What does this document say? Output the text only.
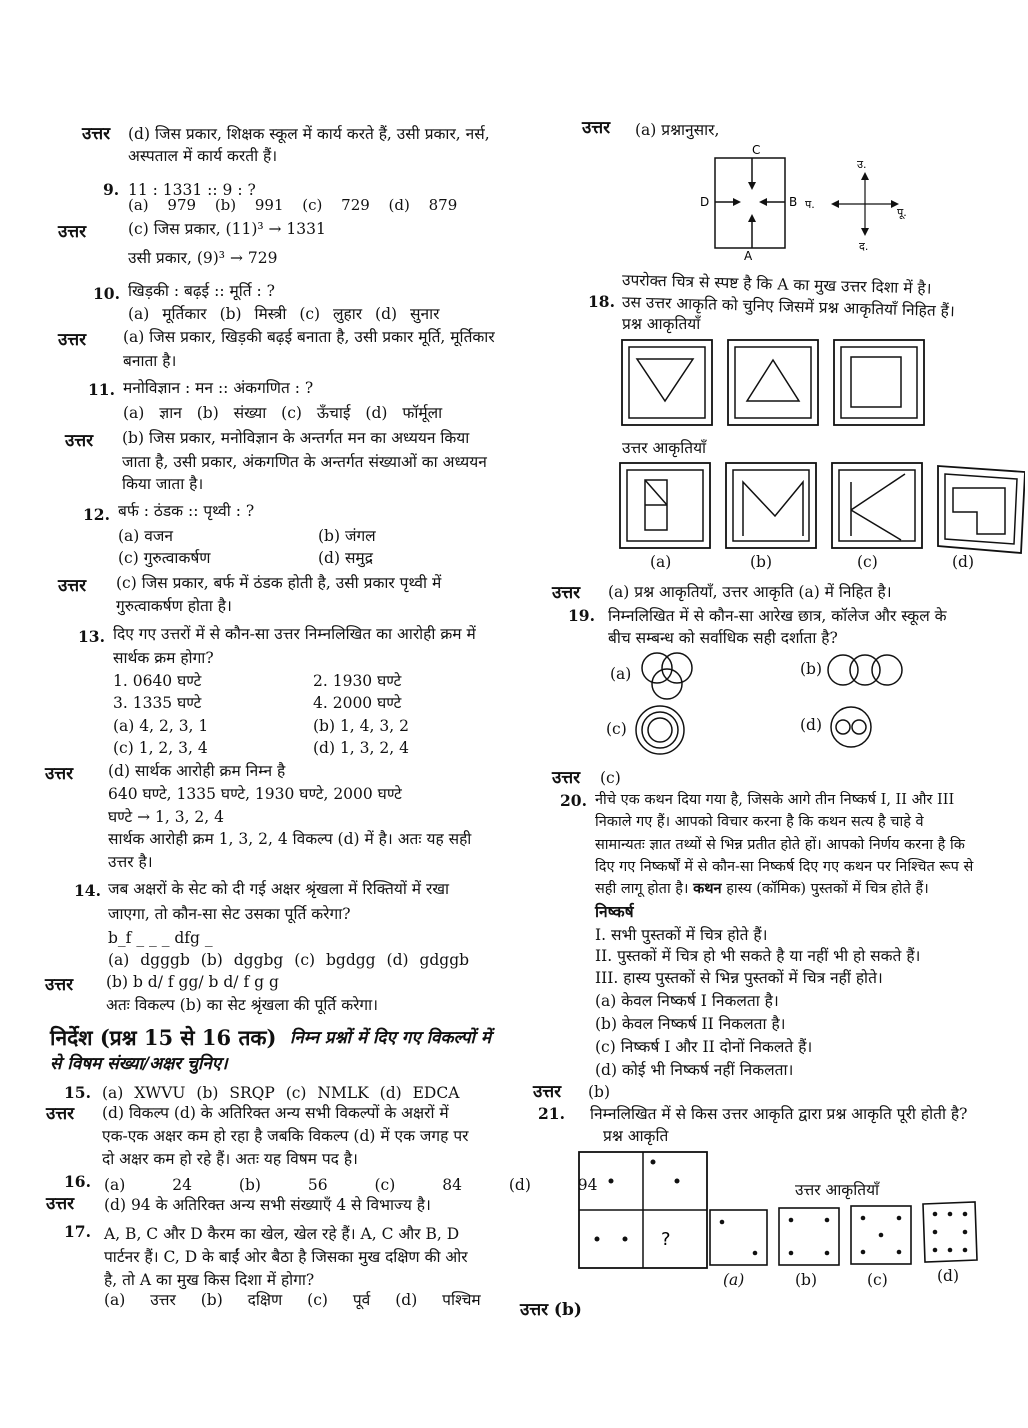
उत्तर (d) जिस प्रकार, शिक्षक स्कूल में कार्य करते हैं, उसी प्रकार, नर्स,
अस्पताल में कार्य करती हैं।
9. 11 : 1331 :: 9 : ?
(a) 979 (b) 991 (c) 729 (d) 879
उत्तर	(c) जिस प्रकार, (11)³ → 1331
उसी प्रकार, (9)³ → 729
10. खिड़की : बढ़ई :: मूर्ति : ?
(a) मूर्तिकार (b) मिस्त्री (c) लुहार (d) सुनार
उत्तर (a) जिस प्रकार, खिड़की बढ़ई बनाता है, उसी प्रकार मूर्ति, मूर्तिकार
बनाता है।
11. मनोविज्ञान : मन :: अंकगणित : ?
(a) ज्ञान (b) संख्या (c) ऊँचाई (d) फॉर्मूला
उत्तर (b) जिस प्रकार, मनोविज्ञान के अन्तर्गत मन का अध्ययन किया
जाता है, उसी प्रकार, अंकगणित के अन्तर्गत संख्याओं का अध्ययन
किया जाता है।
12. बर्फ : ठंडक :: पृथ्वी : ?
(a) वजन	(b) जंगल
(c) गुरुत्वाकर्षण	(d) समुद्र
उत्तर (c) जिस प्रकार, बर्फ में ठंडक होती है, उसी प्रकार पृथ्वी में
गुरुत्वाकर्षण होता है।
13. दिए गए उत्तरों में से कौन-सा उत्तर निम्नलिखित का आरोही क्रम में
सार्थक क्रम होगा?
1. 0640 घण्टे	2. 1930 घण्टे
3. 1335 घण्टे	4. 2000 घण्टे
(a) 4, 2, 3, 1	(b) 1, 4, 3, 2
(c) 1, 2, 3, 4	(d) 1, 3, 2, 4
उत्तर (d) सार्थक आरोही क्रम निम्न है
640 घण्टे, 1335 घण्टे, 1930 घण्टे, 2000 घण्टे
घण्टे → 1, 3, 2, 4
सार्थक आरोही क्रम 1, 3, 2, 4 विकल्प (d) में है। अतः यह सही
उत्तर है।
14. जब अक्षरों के सेट को दी गई अक्षर श्रृंखला में रिक्तियों में रखा
जाएगा, तो कौन-सा सेट उसका पूर्ति करेगा?
b_f _ _ _ dfg _
(a) dgggb (b) dggbg (c) bgdgg (d) gdggb
उत्तर (b) b d/ f gg/ b d/ f g g
अतः विकल्प (b) का सेट श्रृंखला की पूर्ति करेगा।
निर्देश (प्रश्न 15 से 16 तक) निम्न प्रश्नों में दिए गए विकल्पों में
से विषम संख्या/अक्षर चुनिए।
15. (a) XWVU (b) SRQP (c) NMLK (d) EDCA
उत्तर (d) विकल्प (d) के अतिरिक्त अन्य सभी विकल्पों के अक्षरों में
एक-एक अक्षर कम हो रहा है जबकि विकल्प (d) में एक जगह पर
दो अक्षर कम हो रहे हैं। अतः यह विषम पद है।
16. (a) 24 (b) 56 (c) 84 (d) 94
उत्तर (d) 94 के अतिरिक्त अन्य सभी संख्याएँ 4 से विभाज्य है।
17. A, B, C और D कैरम का खेल, खेल रहे हैं। A, C और B, D
पार्टनर हैं। C, D के बाईं ओर बैठा है जिसका मुख दक्षिण की ओर
है, तो A का मुख किस दिशा में होगा?
(a) उत्तर (b) दक्षिण (c) पूर्व (d) पश्चिम उत्तर (b)
उत्तर (a) प्रश्नानुसार,
C
D	B
A
उ.
प.
पू.
द.
उपरोक्त चित्र से स्पष्ट है कि A का मुख उत्तर दिशा में है।
18. उस उत्तर आकृति को चुनिए जिसमें प्रश्न आकृतियाँ निहित हैं।
प्रश्न आकृतियाँ
उत्तर आकृतियाँ
(a)	(b)	(c)	(d)
उत्तर (a) प्रश्न आकृतियाँ, उत्तर आकृति (a) में निहित है।
19. निम्नलिखित में से कौन-सा आरेख छात्र, कॉलेज और स्कूल के
बीच सम्बन्ध को सर्वाधिक सही दर्शाता है?
(a)	(b)
(c)	(d)
उत्तर (c)
20. नीचे एक कथन दिया गया है, जिसके आगे तीन निष्कर्ष I, II और III
निकाले गए हैं। आपको विचार करना है कि कथन सत्य है चाहे वे
सामान्यतः ज्ञात तथ्यों से भिन्न प्रतीत होते हों। आपको निर्णय करना है कि
दिए गए निष्कर्षों में से कौन-सा निष्कर्ष दिए गए कथन पर निश्चित रूप से
सही लागू होता है। कथन हास्य (कॉमिक) पुस्तकों में चित्र होते हैं।
निष्कर्ष
I. सभी पुस्तकों में चित्र होते हैं।
II. पुस्तकों में चित्र हो भी सकते है या नहीं भी हो सकते हैं।
III. हास्य पुस्तकों से भिन्न पुस्तकों में चित्र नहीं होते।
(a) केवल निष्कर्ष I निकलता है।
(b) केवल निष्कर्ष II निकलता है।
(c) निष्कर्ष I और II दोनों निकलते हैं।
(d) कोई भी निष्कर्ष नहीं निकलता।
उत्तर (b)
21. निम्नलिखित में से किस उत्तर आकृति द्वारा प्रश्न आकृति पूरी होती है?
प्रश्न आकृति
?
उत्तर आकृतियाँ
(a)	(b)	(c)	(d)
